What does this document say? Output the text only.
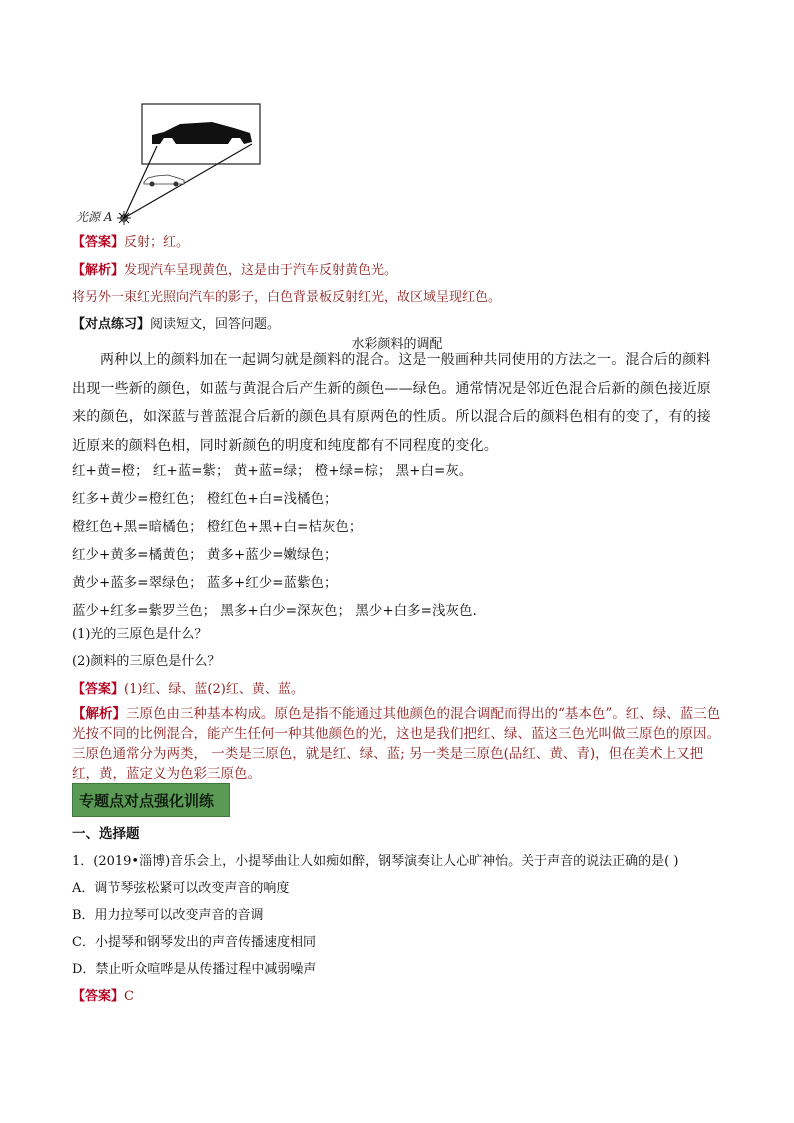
光源 A
【答案】反射；红。
【解析】发现汽车呈现黄色，这是由于汽车反射黄色光。
将另外一束红光照向汽车的影子，白色背景板反射红光，故区域呈现红色。
【对点练习】阅读短文，回答问题。
水彩颜料的调配
两种以上的颜料加在一起调匀就是颜料的混合。这是一般画种共同使用的方法之一。混合后的颜料出现一些新的颜色，如蓝与黄混合后产生新的颜色——绿色。通常情况是邻近色混合后新的颜色接近原来的颜色，如深蓝与普蓝混合后新的颜色具有原两色的性质。所以混合后的颜料色相有的变了，有的接近原来的颜料色相，同时新颜色的明度和纯度都有不同程度的变化。
红+黄=橙； 红+蓝=紫； 黄+蓝=绿； 橙+绿=棕； 黑+白=灰。
红多+黄少=橙红色； 橙红色+白=浅橘色；
橙红色+黑=暗橘色； 橙红色+黑+白=桔灰色；
红少+黄多=橘黄色； 黄多+蓝少=嫩绿色；
黄少+蓝多=翠绿色； 蓝多+红少=蓝紫色；
蓝少+红多=紫罗兰色； 黑多+白少=深灰色； 黑少+白多=浅灰色.
(1)光的三原色是什么？
(2)颜料的三原色是什么？
【答案】(1)红、绿、蓝(2)红、黄、蓝。
【解析】三原色由三种基本构成。原色是指不能通过其他颜色的混合调配而得出的“基本色”。红、绿、蓝三色光按不同的比例混合，能产生任何一种其他颜色的光，这也是我们把红、绿、蓝这三色光叫做三原色的原因。三原色通常分为两类， 一类是三原色，就是红、绿、蓝; 另一类是三原色(品红、黄、青)，但在美术上又把红，黄，蓝定义为色彩三原色。
专题点对点强化训练
一、选择题
1．(2019•淄博)音乐会上，小提琴曲让人如痴如醉，钢琴演奏让人心旷神怡。关于声音的说法正确的是( )
A．调节琴弦松紧可以改变声音的响度
B．用力拉琴可以改变声音的音调
C．小提琴和钢琴发出的声音传播速度相同
D．禁止听众喧哗是从传播过程中减弱噪声
【答案】C
